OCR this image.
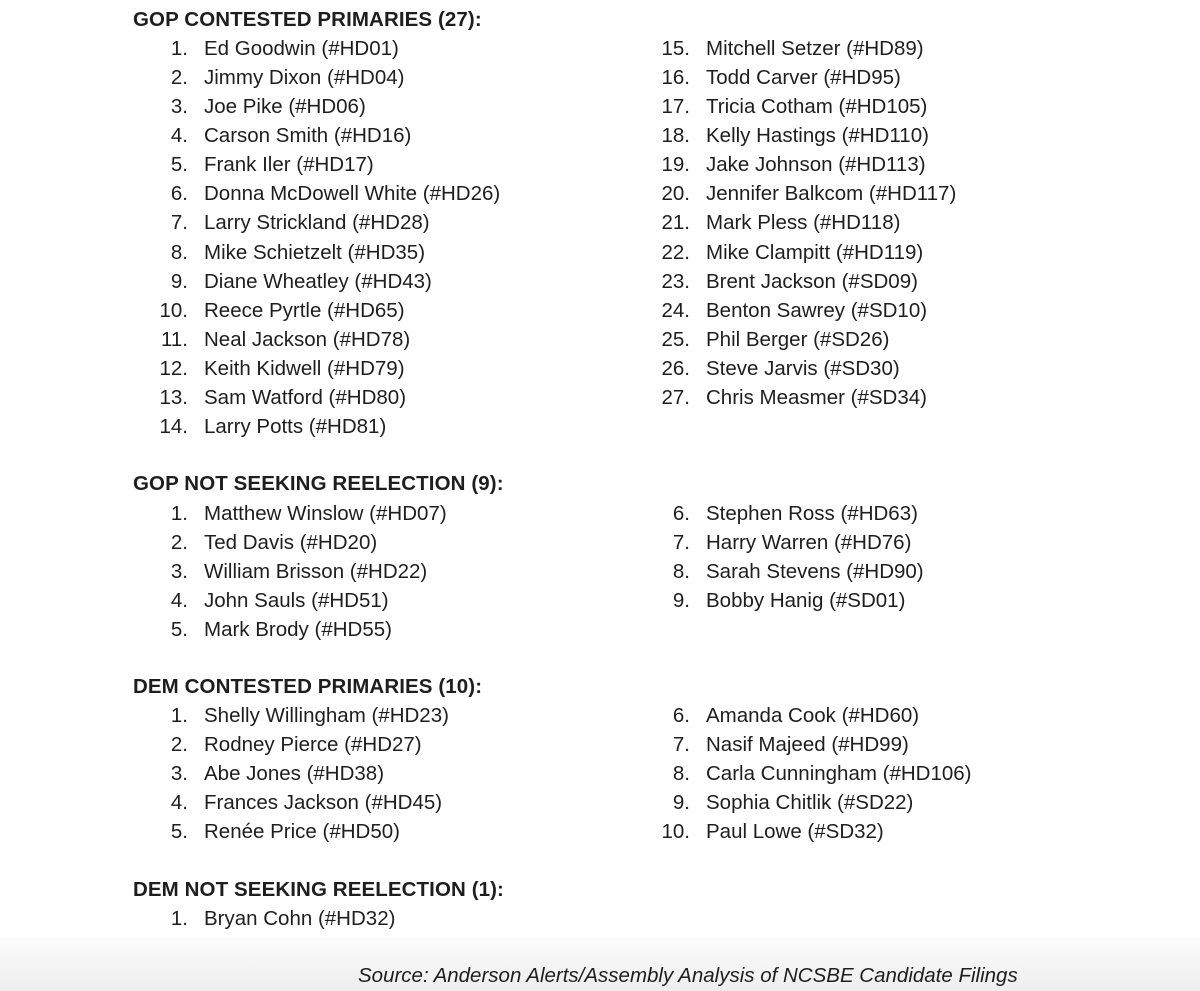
GOP CONTESTED PRIMARIES (27):
1. Ed Goodwin (#HD01)
2. Jimmy Dixon (#HD04)
3. Joe Pike (#HD06)
4. Carson Smith (#HD16)
5. Frank Iler (#HD17)
6. Donna McDowell White (#HD26)
7. Larry Strickland (#HD28)
8. Mike Schietzelt (#HD35)
9. Diane Wheatley (#HD43)
10. Reece Pyrtle (#HD65)
11. Neal Jackson (#HD78)
12. Keith Kidwell (#HD79)
13. Sam Watford (#HD80)
14. Larry Potts (#HD81)
15. Mitchell Setzer (#HD89)
16. Todd Carver (#HD95)
17. Tricia Cotham (#HD105)
18. Kelly Hastings (#HD110)
19. Jake Johnson (#HD113)
20. Jennifer Balkcom (#HD117)
21. Mark Pless (#HD118)
22. Mike Clampitt (#HD119)
23. Brent Jackson (#SD09)
24. Benton Sawrey (#SD10)
25. Phil Berger (#SD26)
26. Steve Jarvis (#SD30)
27. Chris Measmer (#SD34)
GOP NOT SEEKING REELECTION (9):
1. Matthew Winslow (#HD07)
2. Ted Davis (#HD20)
3. William Brisson (#HD22)
4. John Sauls (#HD51)
5. Mark Brody (#HD55)
6. Stephen Ross (#HD63)
7. Harry Warren (#HD76)
8. Sarah Stevens (#HD90)
9. Bobby Hanig (#SD01)
DEM CONTESTED PRIMARIES (10):
1. Shelly Willingham (#HD23)
2. Rodney Pierce (#HD27)
3. Abe Jones (#HD38)
4. Frances Jackson (#HD45)
5. Renée Price (#HD50)
6. Amanda Cook (#HD60)
7. Nasif Majeed (#HD99)
8. Carla Cunningham (#HD106)
9. Sophia Chitlik (#SD22)
10. Paul Lowe (#SD32)
DEM NOT SEEKING REELECTION (1):
1. Bryan Cohn (#HD32)
Source: Anderson Alerts/Assembly Analysis of NCSBE Candidate Filings
